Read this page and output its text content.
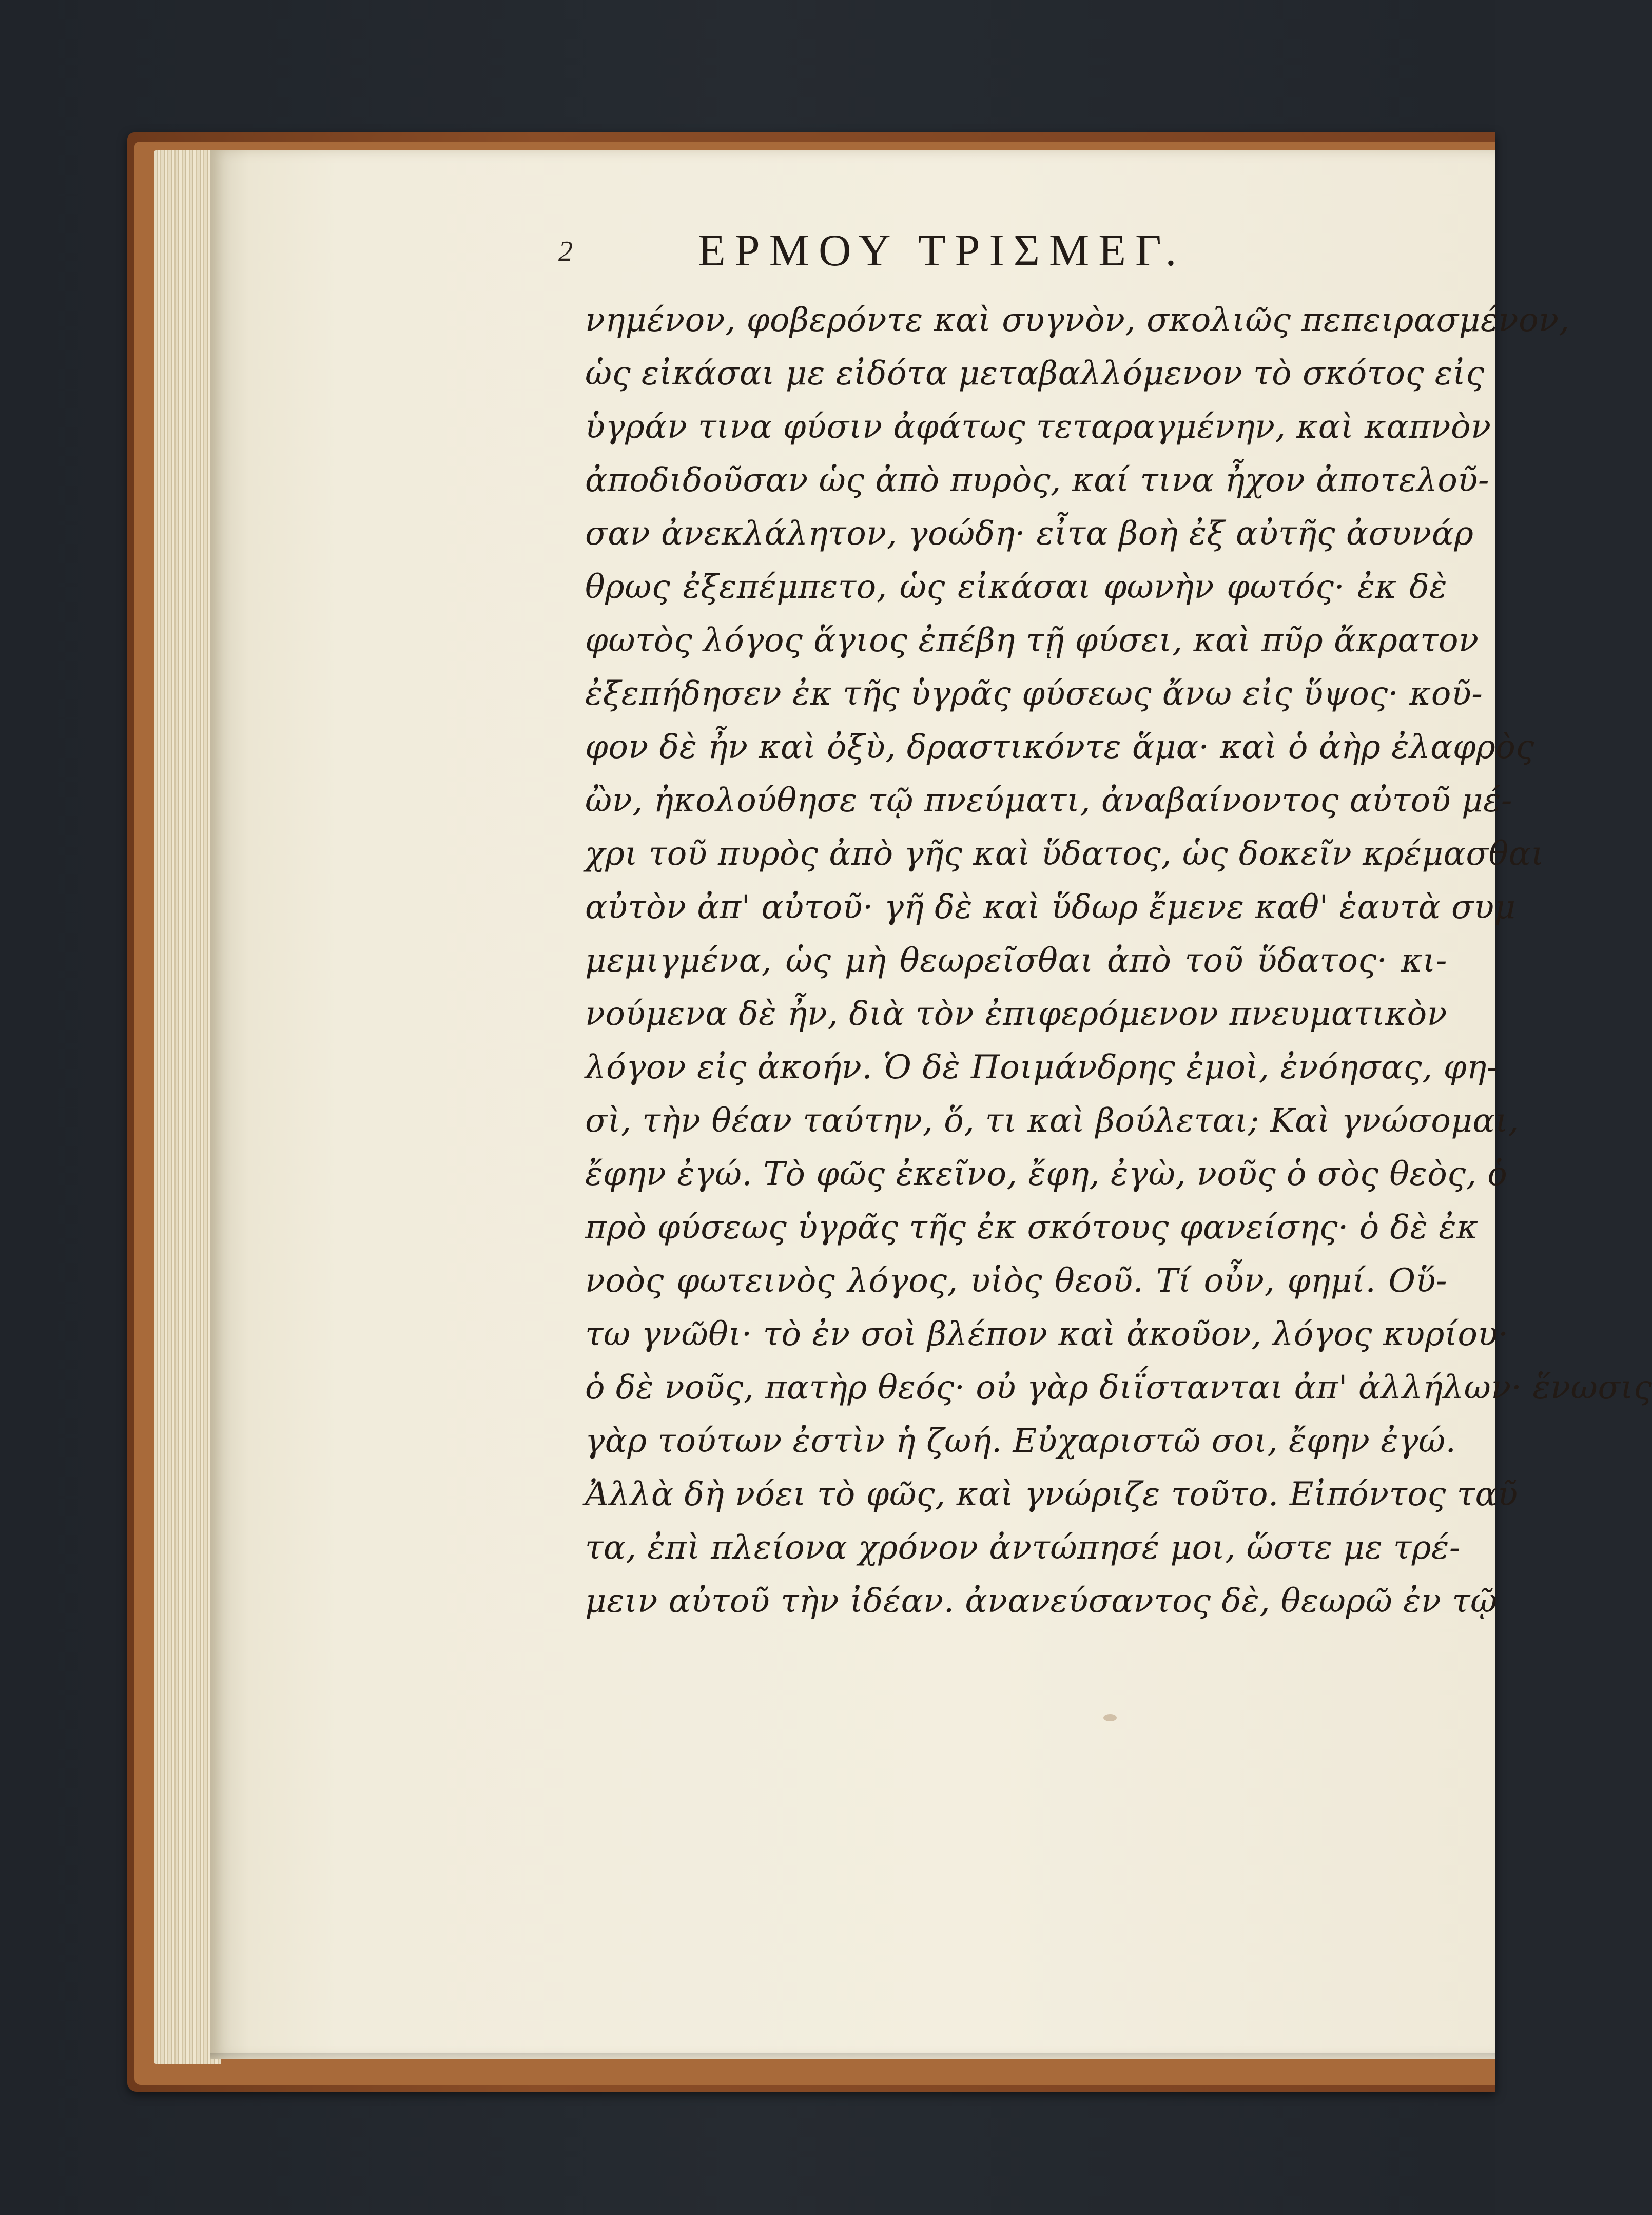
2	ΕΡΜΟΥ ΤΡΙΣΜΕΓ.
νημένον, φοβερόντε καὶ συγνὸν, σκολιῶς πεπειρασμένον,
ὡς εἰκάσαι με εἰδότα μεταβαλλόμενον τὸ σκότος εἰς
ὑγράν τινα φύσιν ἀφάτως τεταραγμένην, καὶ καπνὸν
ἀποδιδοῦσαν ὡς ἀπὸ πυρὸς, καί τινα ἦχον ἀποτελοῦ-
σαν ἀνεκλάλητον, γοώδη· εἶτα βοὴ ἐξ αὐτῆς ἀσυνάρ
θρως ἐξεπέμπετο, ὡς εἰκάσαι φωνὴν φωτός· ἐκ δὲ
φωτὸς λόγος ἅγιος ἐπέβη τῇ φύσει, καὶ πῦρ ἄκρατον
ἐξεπήδησεν ἐκ τῆς ὑγρᾶς φύσεως ἄνω εἰς ὕψος· κοῦ-
φον δὲ ἦν καὶ ὀξὺ, δραστικόντε ἅμα· καὶ ὁ ἀὴρ ἐλαφρὸς
ὢν, ἠκολούθησε τῷ πνεύματι, ἀναβαίνοντος αὐτοῦ μέ-
χρι τοῦ πυρὸς ἀπὸ γῆς καὶ ὕδατος, ὡς δοκεῖν κρέμασθαι
αὐτὸν ἀπ' αὐτοῦ· γῆ δὲ καὶ ὕδωρ ἔμενε καθ' ἑαυτὰ συμ
μεμιγμένα, ὡς μὴ θεωρεῖσθαι ἀπὸ τοῦ ὕδατος· κι-
νούμενα δὲ ἦν, διὰ τὸν ἐπιφερόμενον πνευματικὸν
λόγον εἰς ἀκοήν. Ὁ δὲ Ποιμάνδρης ἐμοὶ, ἐνόησας, φη-
σὶ, τὴν θέαν ταύτην, ὅ, τι καὶ βούλεται; Καὶ γνώσομαι,
ἔφην ἐγώ. Τὸ φῶς ἐκεῖνο, ἔφη, ἐγὼ, νοῦς ὁ σὸς θεὸς, ὁ
πρὸ φύσεως ὑγρᾶς τῆς ἐκ σκότους φανείσης· ὁ δὲ ἐκ
νοὸς φωτεινὸς λόγος, υἱὸς θεοῦ. Τί οὖν, φημί. Οὕ-
τω γνῶθι· τὸ ἐν σοὶ βλέπον καὶ ἀκοῦον, λόγος κυρίου·
ὁ δὲ νοῦς, πατὴρ θεός· οὐ γὰρ διΐστανται ἀπ' ἀλλήλων· ἕνωσις
γὰρ τούτων ἐστὶν ἡ ζωή. Εὐχαριστῶ σοι, ἔφην ἐγώ.
Ἀλλὰ δὴ νόει τὸ φῶς, καὶ γνώριζε τοῦτο. Εἰπόντος ταῦ
τα, ἐπὶ πλείονα χρόνον ἀντώπησέ μοι, ὥστε με τρέ-
μειν αὐτοῦ τὴν ἰδέαν. ἀνανεύσαντος δὲ, θεωρῶ ἐν τῷ
